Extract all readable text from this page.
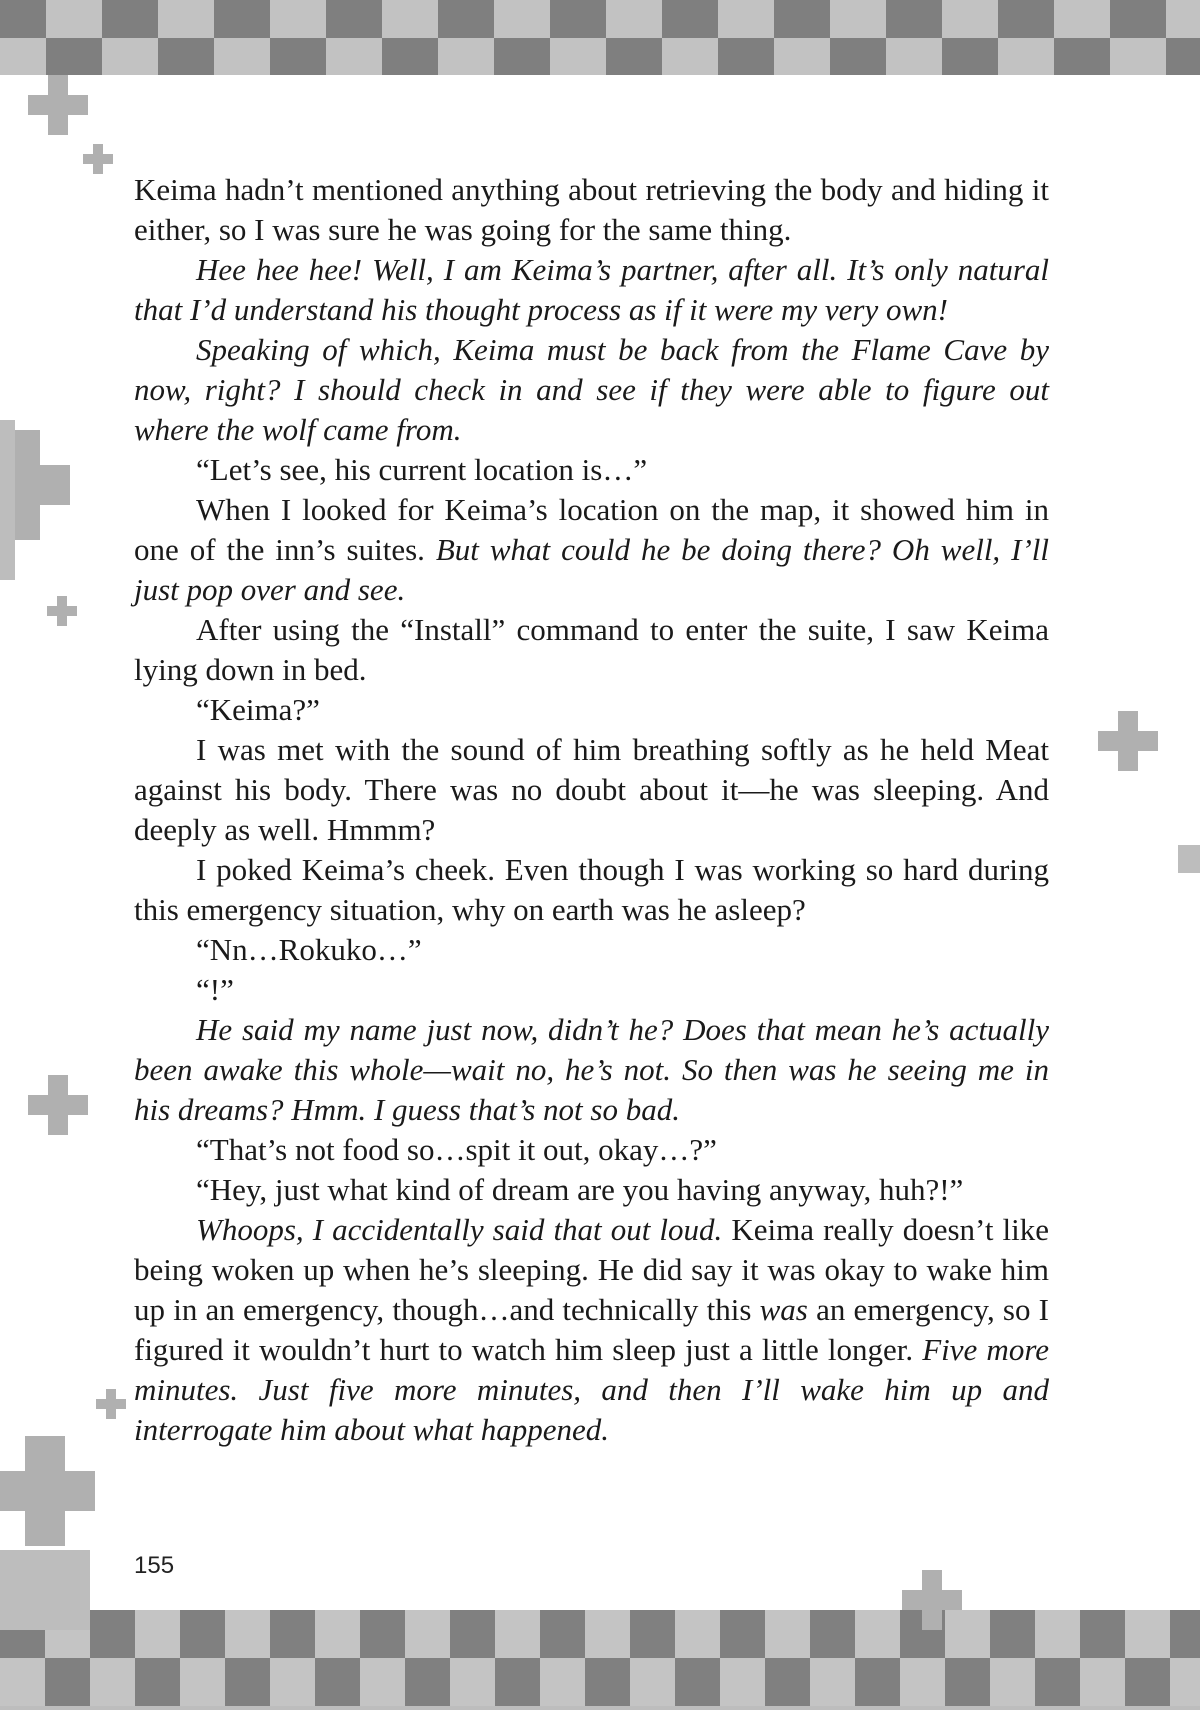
Keima hadn’t mentioned anything about retrieving the body and hiding it either, so I was sure he was going for the same thing.

Hee hee hee! Well, I am Keima’s partner, after all. It’s only natural that I’d understand his thought process as if it were my very own!

Speaking of which, Keima must be back from the Flame Cave by now, right? I should check in and see if they were able to figure out where the wolf came from.

“Let’s see, his current location is…”

When I looked for Keima’s location on the map, it showed him in one of the inn’s suites. But what could he be doing there? Oh well, I’ll just pop over and see.

After using the “Install” command to enter the suite, I saw Keima lying down in bed.

“Keima?”

I was met with the sound of him breathing softly as he held Meat against his body. There was no doubt about it—he was sleeping. And deeply as well. Hmmm?

I poked Keima’s cheek. Even though I was working so hard during this emergency situation, why on earth was he asleep?

“Nn…Rokuko…”

“!”

He said my name just now, didn’t he? Does that mean he’s actually been awake this whole—wait no, he’s not. So then was he seeing me in his dreams? Hmm. I guess that’s not so bad.

“That’s not food so…spit it out, okay…?”

“Hey, just what kind of dream are you having anyway, huh?!”

Whoops, I accidentally said that out loud. Keima really doesn’t like being woken up when he’s sleeping. He did say it was okay to wake him up in an emergency, though…and technically this was an emergency, so I figured it wouldn’t hurt to watch him sleep just a little longer. Five more minutes. Just five more minutes, and then I’ll wake him up and interrogate him about what happened.

155
